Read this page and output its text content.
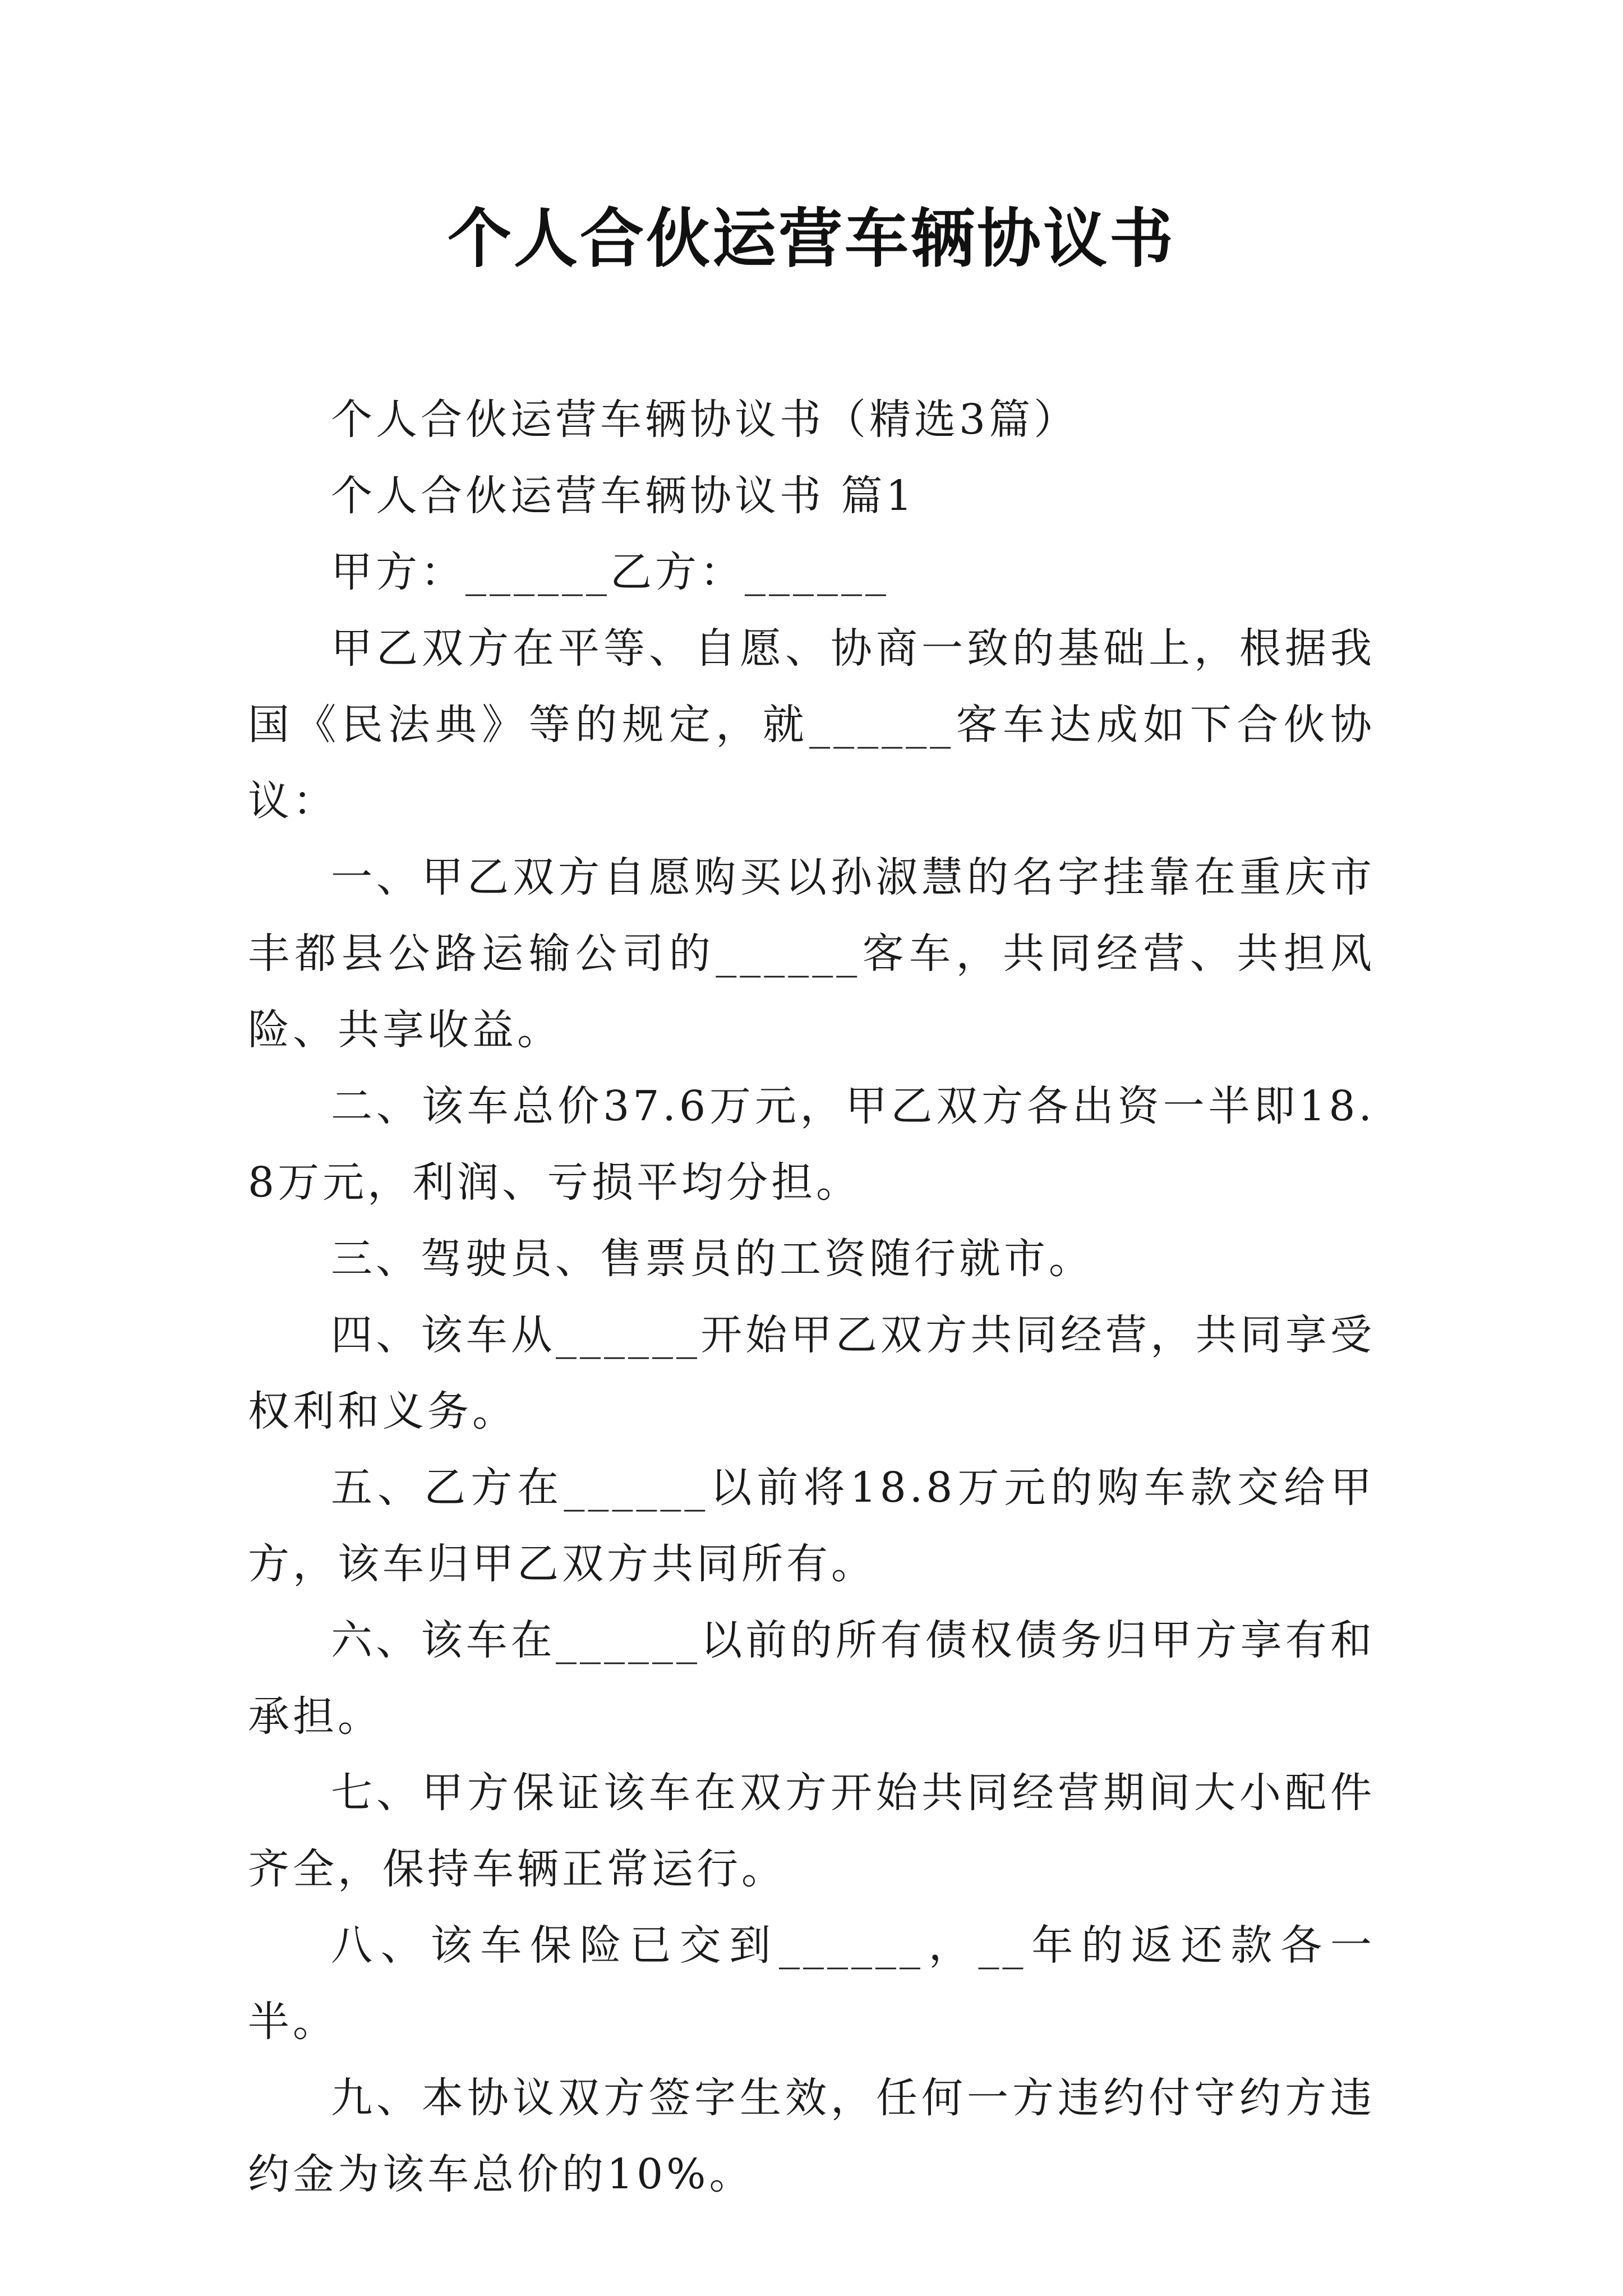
个人合伙运营车辆协议书

个人合伙运营车辆协议书（精选3篇）

个人合伙运营车辆协议书 篇1

甲方：______乙方：______

甲乙双方在平等、自愿、协商一致的基础上，根据我国《民法典》等的规定，就______客车达成如下合伙协议：

一、甲乙双方自愿购买以孙淑慧的名字挂靠在重庆市丰都县公路运输公司的______客车，共同经营、共担风险、共享收益。

二、该车总价37.6万元，甲乙双方各出资一半即18.8万元，利润、亏损平均分担。

三、驾驶员、售票员的工资随行就市。

四、该车从______开始甲乙双方共同经营，共同享受权利和义务。

五、乙方在______以前将18.8万元的购车款交给甲方，该车归甲乙双方共同所有。

六、该车在______以前的所有债权债务归甲方享有和承担。

七、甲方保证该车在双方开始共同经营期间大小配件齐全，保持车辆正常运行。

八、该车保险已交到______，__年的返还款各一半。

九、本协议双方签字生效，任何一方违约付守约方违约金为该车总价的10%。
